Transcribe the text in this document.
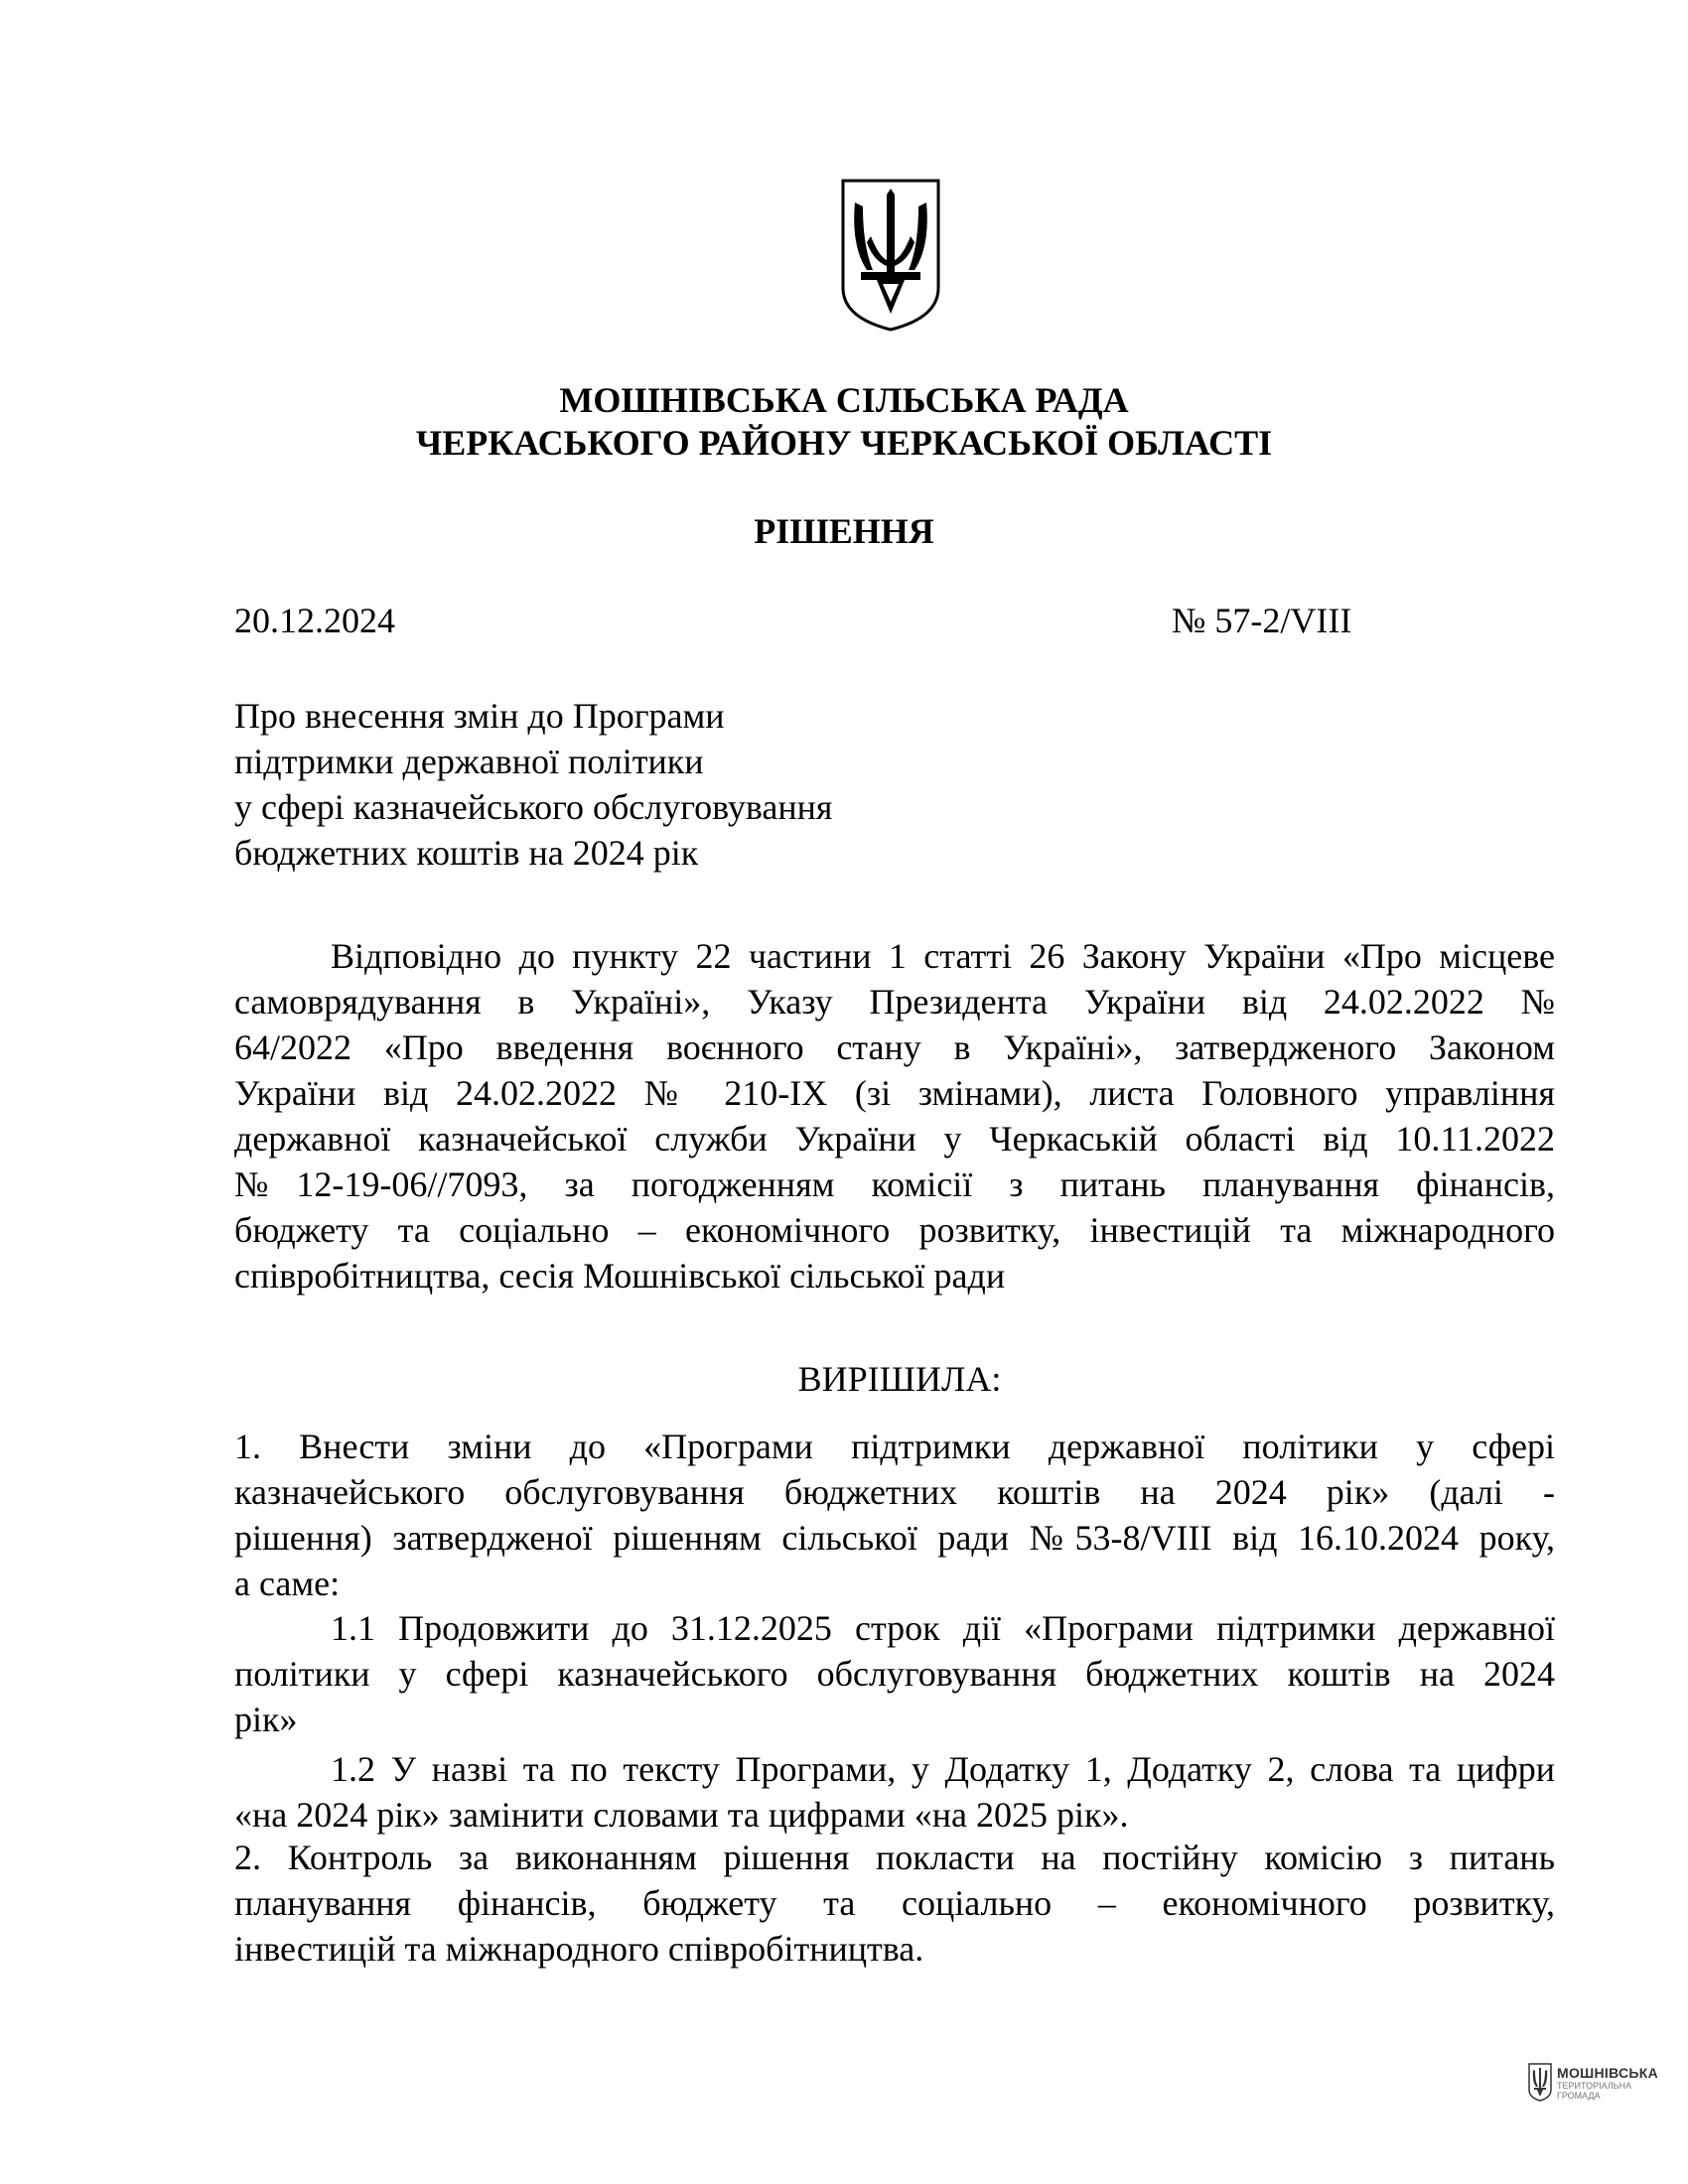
МОШНІВСЬКА СІЛЬСЬКА РАДА
ЧЕРКАСЬКОГО РАЙОНУ ЧЕРКАСЬКОЇ ОБЛАСТІ
РІШЕННЯ
20.12.2024	№ 57-2/VIII
Про внесення змін до Програми
підтримки державної політики
у сфері казначейського обслуговування
бюджетних коштів на 2024 рік
Відповідно до пункту 22 частини 1 статті 26 Закону України «Про місцеве
самоврядування в Україні», Указу Президента України від 24.02.2022 №
64/2022 «Про введення воєнного стану в Україні», затвердженого Законом
України від 24.02.2022 № 210-IX (зі змінами), листа Головного управління
державної казначейської служби України у Черкаській області від 10.11.2022
№12-19-06//7093, за погодженням комісії з питань планування фінансів,
бюджету та соціально – економічного розвитку, інвестицій та міжнародного
співробітництва, сесія Мошнівської сільської ради
ВИРІШИЛА:
1. Внести зміни до «Програми підтримки державної політики у сфері
казначейського обслуговування бюджетних коштів на 2024 рік» (далі -
рішення) затвердженої рішенням сільської ради №53-8/VIII від 16.10.2024 року,
а саме:
1.1 Продовжити до 31.12.2025 строк дії «Програми підтримки державної
політики у сфері казначейського обслуговування бюджетних коштів на 2024
рік»
1.2 У назві та по тексту Програми, у Додатку 1, Додатку 2, слова та цифри
«на 2024 рік» замінити словами та цифрами «на 2025 рік».
2. Контроль за виконанням рішення покласти на постійну комісію з питань
планування фінансів, бюджету та соціально – економічного розвитку,
інвестицій та міжнародного співробітництва.
МОШНІВСЬКА
ТЕРИТОРІАЛЬНА
ГРОМАДА
